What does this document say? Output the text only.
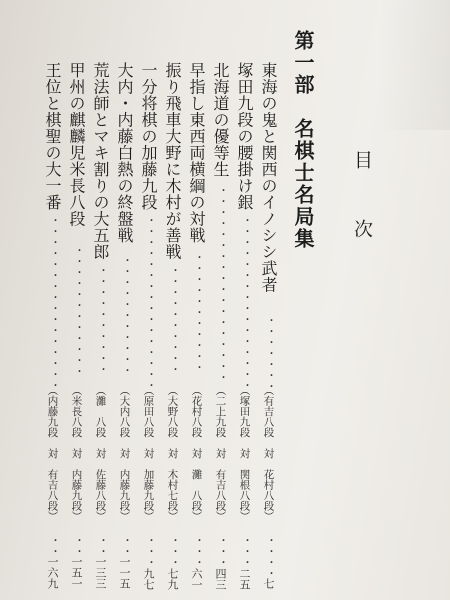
目次
第一部　名棋士名局集
東海の鬼と関西のイノシシ武者
・・・・・・・
（有吉八段　対　花村八段）
・・・・
七
塚田九段の腰掛け銀
・・・・・・・・・・・・・・・・
（塚田九段　対　関根八段）
・・・
二五
北海道の優等生
・・・・・・・・・・・・・・・・・・
（二上九段　対　有吉八段）
・・・
四三
早指し東西両横綱の対戦
・・・・・・・・・・・
（花村八段　対　灘　八段）
・・・
六一
振り飛車大野に木村が善戦
・・・・・・・・・・
（大野八段　対　木村七段）
・・・
七九
一分将棋の加藤九段
・・・・・・・・・・・・・・・・
（原田八段　対　加藤九段）
・・・
九七
大内・内藤白熱の終盤戦
・・・・・・・・・・・
（大内八段　対　内藤九段）
・・
一一五
荒法師とマキ割りの大五郎
・・・・・・・・・・
（灘　八段　対　佐藤八段）
・・
一三三
甲州の麒麟児米長八段
・・・・・・・・・・・・
（米長八段　対　内藤九段）
・・
一五一
王位と棋聖の大一番
・・・・・・・・・・・・・・・・
（内藤九段　対　有吉八段）
・・
一六九
